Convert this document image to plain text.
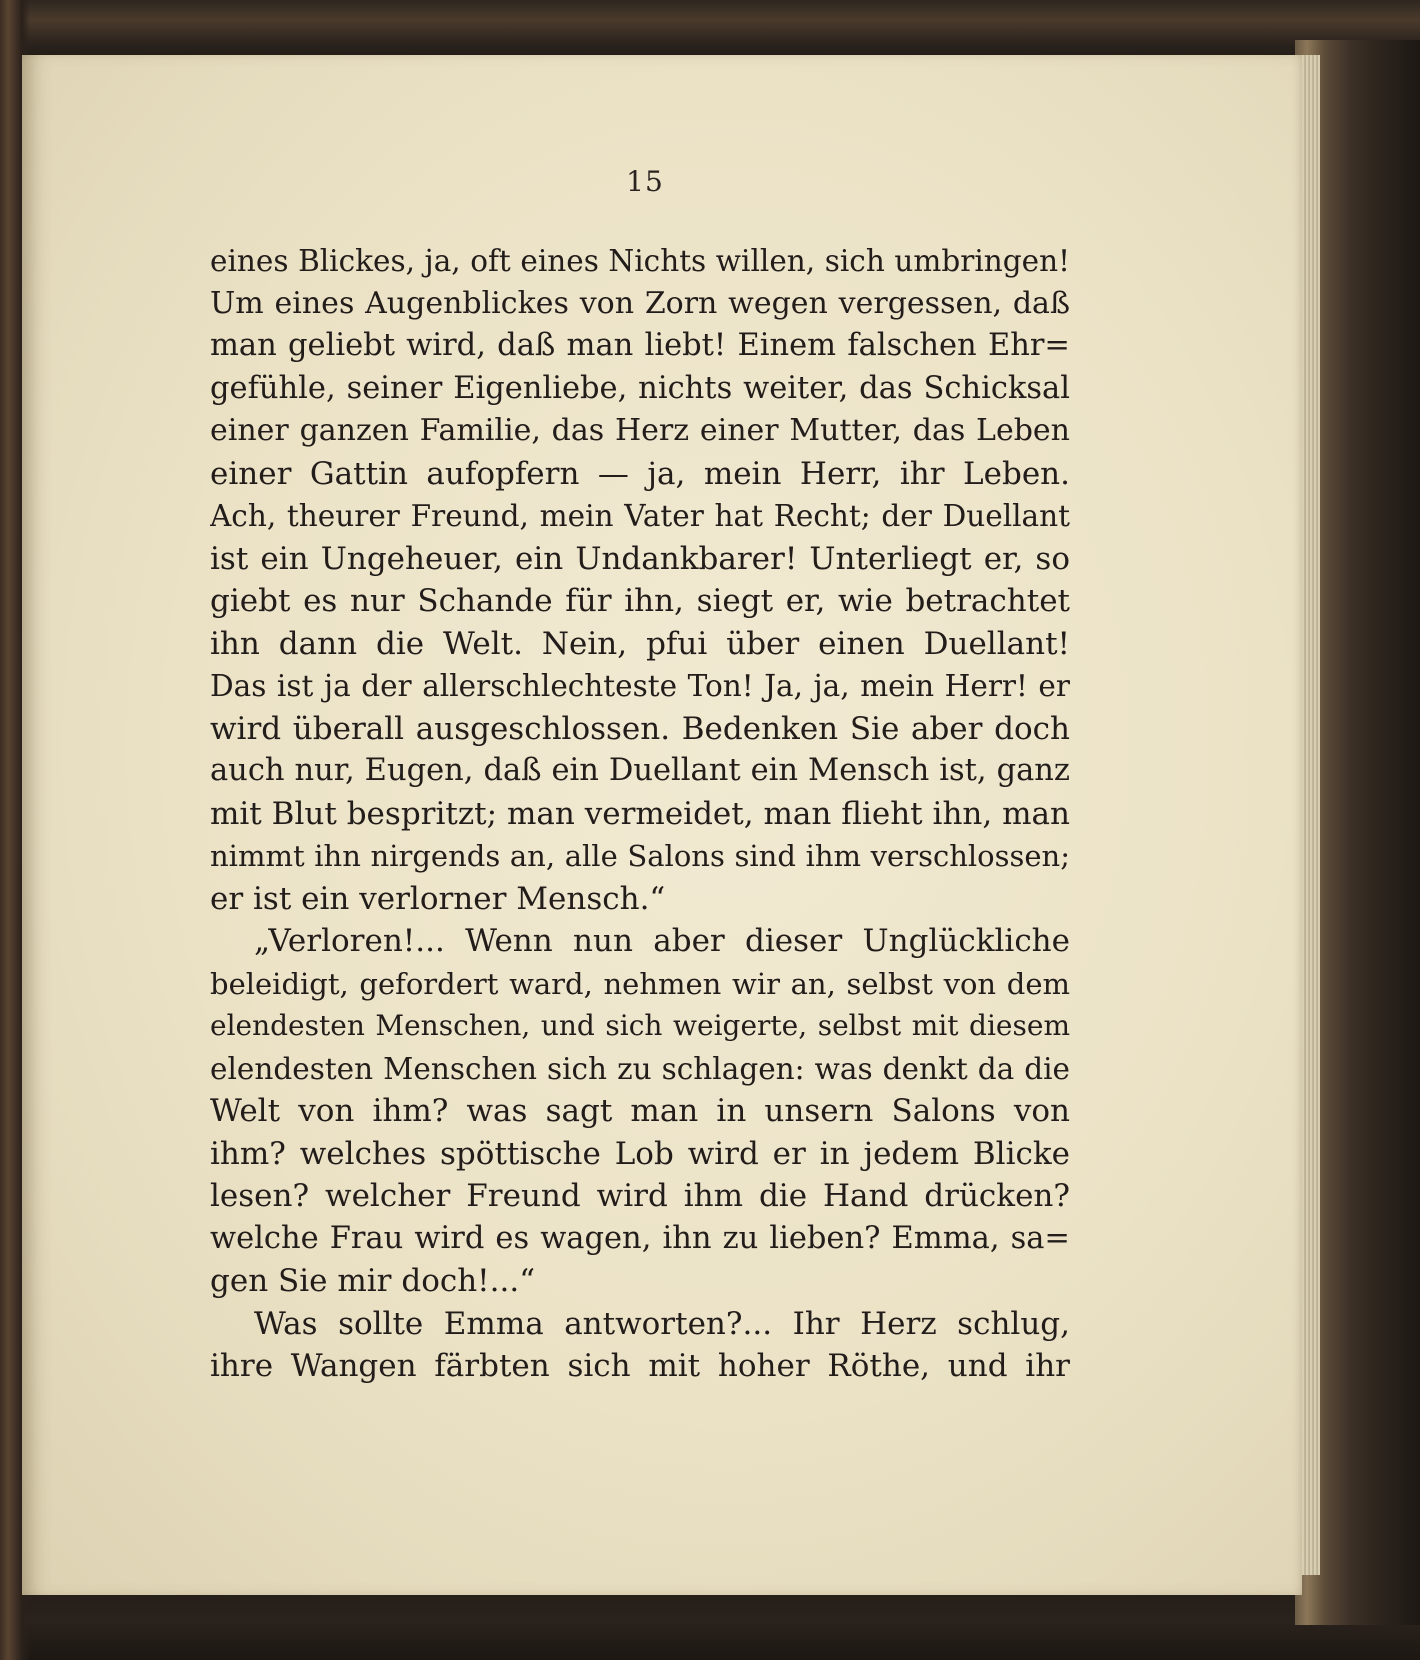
15
eines Blickes, ja, oft eines Nichts willen, sich umbringen!
Um eines Augenblickes von Zorn wegen vergessen, daß
man geliebt wird, daß man liebt! Einem falschen Ehr=
gefühle, seiner Eigenliebe, nichts weiter, das Schicksal
einer ganzen Familie, das Herz einer Mutter, das Leben
einer Gattin aufopfern — ja, mein Herr, ihr Leben.
Ach, theurer Freund, mein Vater hat Recht; der Duellant
ist ein Ungeheuer, ein Undankbarer! Unterliegt er, so
giebt es nur Schande für ihn, siegt er, wie betrachtet
ihn dann die Welt. Nein, pfui über einen Duellant!
Das ist ja der allerschlechteste Ton! Ja, ja, mein Herr! er
wird überall ausgeschlossen. Bedenken Sie aber doch
auch nur, Eugen, daß ein Duellant ein Mensch ist, ganz
mit Blut bespritzt; man vermeidet, man flieht ihn, man
nimmt ihn nirgends an, alle Salons sind ihm verschlossen;
er ist ein verlorner Mensch.“
„Verloren!... Wenn nun aber dieser Unglückliche
beleidigt, gefordert ward, nehmen wir an, selbst von dem
elendesten Menschen, und sich weigerte, selbst mit diesem
elendesten Menschen sich zu schlagen: was denkt da die
Welt von ihm? was sagt man in unsern Salons von
ihm? welches spöttische Lob wird er in jedem Blicke
lesen? welcher Freund wird ihm die Hand drücken?
welche Frau wird es wagen, ihn zu lieben? Emma, sa=
gen Sie mir doch!...“
Was sollte Emma antworten?... Ihr Herz schlug,
ihre Wangen färbten sich mit hoher Röthe, und ihr
